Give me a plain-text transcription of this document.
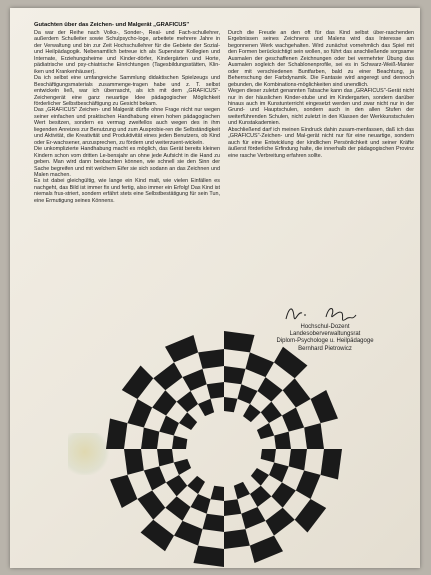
Gutachten über das Zeichen- und Malgerät „GRAFICUS"

Da war der Reihe nach Volks-, Sonder-, Real- und Fach-schullehrer, außerdem Schulleiter sowie Schulpsycho-loge, arbeitete mehrere Jahre in der Verwaltung und bin zur Zeit Hochschullehrer für die Gebiete der Sozial- und Heilpädagogik. Nebenamtlich betreue ich als Supervisor Kollegien und Internate, Erziehungsheime und Kinder-dörfer, Kindergärten und Horte, pädiatrische und psy-chiatrische Einrichtungen (Tagesbildungsstätten, Klin-iken und Krankenhäuser).

Da ich selbst eine umfangreiche Sammlung didaktischen Spielzeugs und Beschäftigungsmaterials zusammenge-tragen habe und z. T. selbst entwickeln ließ, war ich überrascht, als ich mit dem „GRAFICUS"-Zeichengerät eine ganz neuartige Idee pädagogischer Möglichkeit förderlicher Selbstbeschäftigung zu Gesicht bekam.

Das „GRAFICUS" Zeichen- und Malgerät dürfte ohne Frage nicht nur wegen seiner einfachen und praktischen Handhabung einen hohen pädagogischen Wert besitzen, sondern es vermag zweifellos auch wegen des in ihm liegenden Anreizes zur Benutzung und zum Ausprobie-ren die Selbständigkeit und Aktivität, die Kreativität und Produktivität eines jeden Benutzers, ob Kind oder Er-wachsener, anzusprechen, zu fördern und weiterzuent-wickeln.

Die unkomplizierte Handhabung macht es möglich, das Gerät bereits kleinen Kindern schon vom dritten Le-bensjahr an ohne jede Aufsicht in die Hand zu geben. Man wird dann beobachten können, wie schnell sie den Sinn der Sache begreifen und mit welchem Eifer sie sich sodann an das Zeichnen und Malen machen.

Es ist dabei gleichgültig, wie lange ein Kind malt, wie vielen Einfällen es nachgeht, das Bild ist immer fix und fertig, also immer ein Erfolg! Das Kind ist niemals frus-striert, sondern erfährt stets eine Selbstbestätigung für sein Tun, eine Ermutigung seines Könnens.

Durch die Freude an den oft für das Kind selbst über-raschenden Ergebnissen seines Zeichnens und Malens wird das Interesse am begonnenen Werk wachgehalten. Wird zunächst vornehmlich das Spiel mit den Formen berücksichtigt sein wollen, so führt das anschließende sorgsame Ausmalen der geschaffenen Zeichnungen oder bei vermehrter Übung das Ausmalen sogleich der Schablonenprofile, sei es in Schwarz-Weiß-Manier oder mit verschiedenen Buntfarben, bald zu einer Beachtung, ja Beherrschung der Farbdynamik. Die Fantasie wird angeregt und dennoch gebunden, die Kombinations-möglichkeiten sind unendlich.

Wegen dieser zuletzt genannten Tatsache kann das „GRAFICUS"-Gerät nicht nur in der häuslichen Kinder-stube und im Kindergarten, sondern darüber hinaus auch im Kunstunterricht eingesetzt werden und zwar nicht nur in der Grund- und Hauptschulen, sondern auch in den allen Stufen der weiterführenden Schulen, nicht zuletzt in den Klassen der Werkkunstschulen und Kunstakademien.

Abschließend darf ich meinen Eindruck dahin zusam-menfassen, daß ich das „GRAFICUS"-Zeichen- und Mal-gerät nicht nur für eine neuartige, sondern auch für eine Entwicklung der kindlichen Persönlichkeit und seiner Kräfte äußerst förderliche Erfindung halte, die innerhalb der pädagogischen Provinz eine rasche Verbreitung erfahren sollte.

Hochschul-Dozent
Landesoberverwaltungsrat
Diplom-Psychologe u. Heilpädagoge
Bernhard Pietrowicz
